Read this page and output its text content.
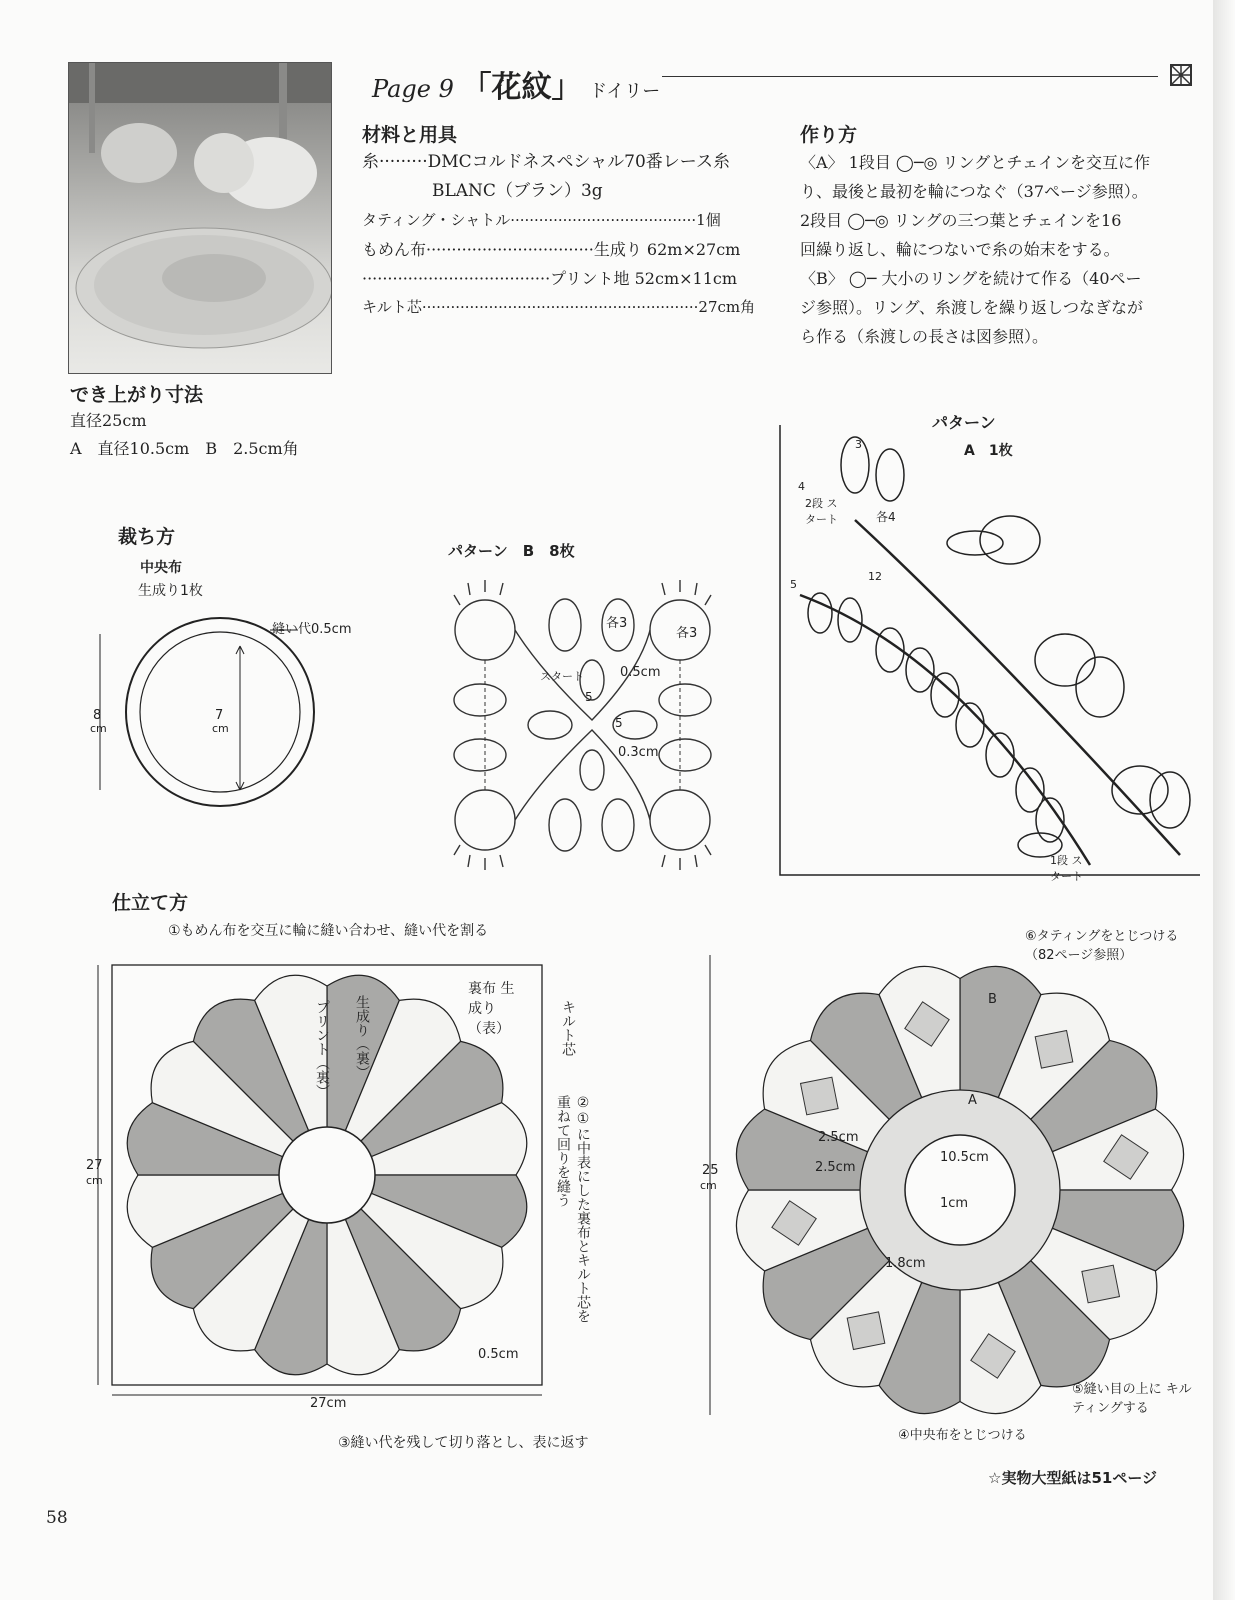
Page 9 「花紋」 ドイリー
材料と用具
糸·········DMCコルドネスペシャル70番レース糸
BLANC（ブラン）3g
タティング・シャトル·······································1個
もめん布·································生成り 62m×27cm
·····································プリント地 52cm×11cm
キルト芯··························································27cm角
作り方
〈A〉 1段目 ◯─◎ リングとチェインを交互に作
り、最後と最初を輪につなぐ（37ページ参照）。
2段目 ◯─◎ リングの三つ葉とチェインを16
回繰り返し、輪につないで糸の始末をする。
〈B〉 ◯─ 大小のリングを続けて作る（40ペー
ジ参照）。リング、糸渡しを繰り返しつなぎなが
ら作る（糸渡しの長さは図参照）。
でき上がり寸法
直径25cm
A　直径10.5cm　B　2.5cm角
裁ち方
中央布
生成り1枚
縫い代0.5cm
8
cm
7
cm
パターン　B　8枚
各3
各3
スタート	0.5cm
0.3cm
5
5
パターン
A　1枚
3
4
5
12
各4
2段 スタート
1段 スタート
仕立て方
①もめん布を交互に輪に縫い合わせ、縫い代を割る
プリント（裏） 生成り（裏）
裏布 生成り（表）	キルト芯
②①に中表にした裏布とキルト芯を重ねて回りを縫う
27
cm
27cm
0.5cm
③縫い代を残して切り落とし、表に返す
⑥タティングをとじつける （82ページ参照）
A
B
2.5cm
2.5cm
10.5cm
1cm
1.8cm
25
cm
④中央布をとじつける
⑤縫い目の上に キルティングする
☆実物大型紙は51ページ
58
